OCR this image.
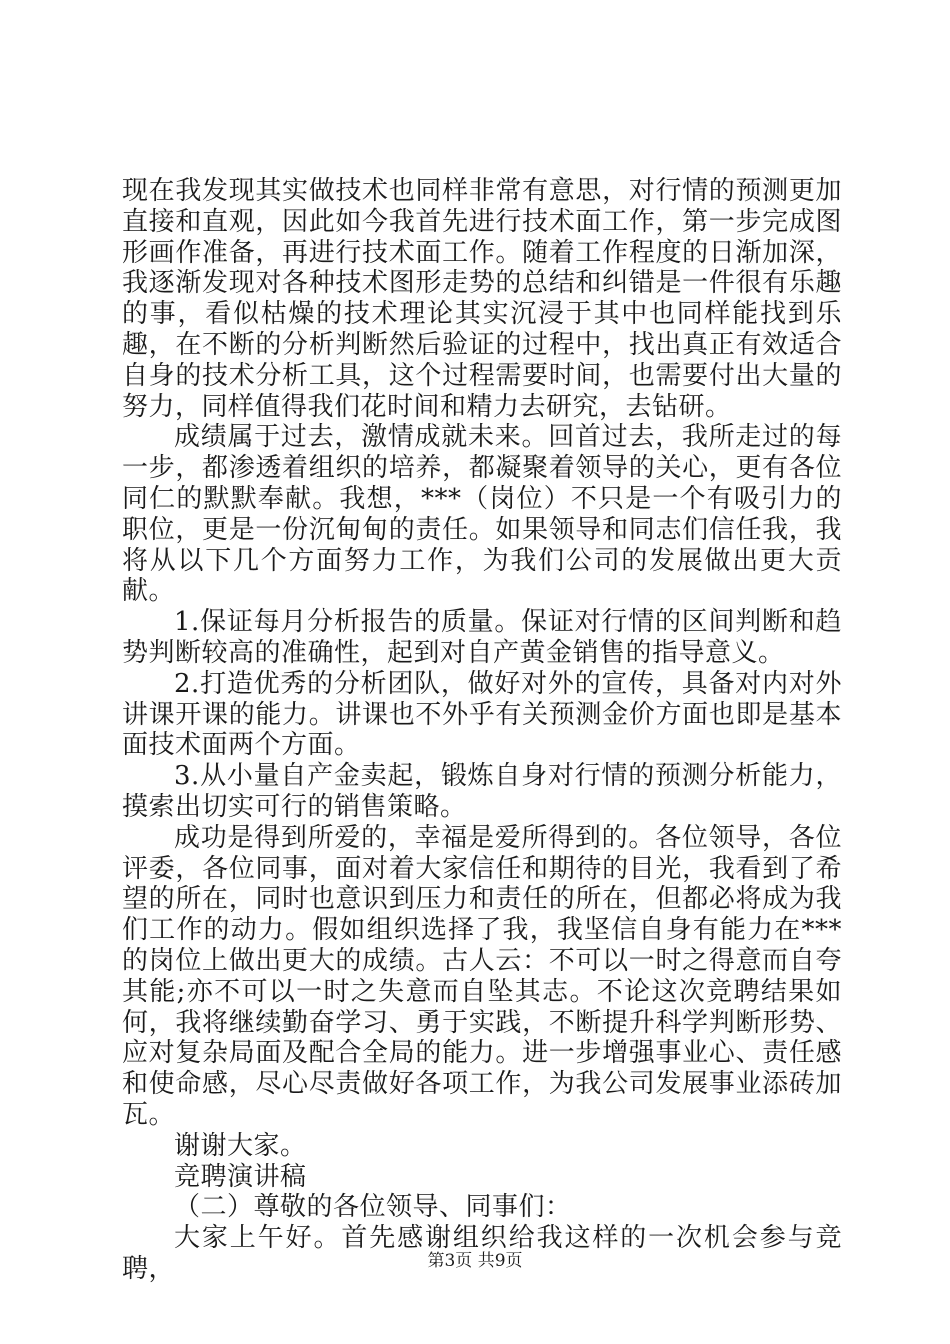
现在我发现其实做技术也同样非常有意思，对行情的预测更加直接和直观，因此如今我首先进行技术面工作，第一步完成图形画作准备，再进行技术面工作。随着工作程度的日渐加深，我逐渐发现对各种技术图形走势的总结和纠错是一件很有乐趣的事，看似枯燥的技术理论其实沉浸于其中也同样能找到乐趣，在不断的分析判断然后验证的过程中，找出真正有效适合自身的技术分析工具，这个过程需要时间，也需要付出大量的努力，同样值得我们花时间和精力去研究，去钻研。

成绩属于过去，激情成就未来。回首过去，我所走过的每一步，都渗透着组织的培养，都凝聚着领导的关心，更有各位同仁的默默奉献。我想，***（岗位）不只是一个有吸引力的职位，更是一份沉甸甸的责任。如果领导和同志们信任我，我将从以下几个方面努力工作，为我们公司的发展做出更大贡献。

1.保证每月分析报告的质量。保证对行情的区间判断和趋势判断较高的准确性，起到对自产黄金销售的指导意义。

2.打造优秀的分析团队，做好对外的宣传，具备对内对外讲课开课的能力。讲课也不外乎有关预测金价方面也即是基本面技术面两个方面。

3.从小量自产金卖起，锻炼自身对行情的预测分析能力，摸索出切实可行的销售策略。

成功是得到所爱的，幸福是爱所得到的。各位领导，各位评委，各位同事，面对着大家信任和期待的目光，我看到了希望的所在，同时也意识到压力和责任的所在，但都必将成为我们工作的动力。假如组织选择了我，我坚信自身有能力在***的岗位上做出更大的成绩。古人云：不可以一时之得意而自夸其能;亦不可以一时之失意而自坠其志。不论这次竞聘结果如何，我将继续勤奋学习、勇于实践，不断提升科学判断形势、应对复杂局面及配合全局的能力。进一步增强事业心、责任感和使命感，尽心尽责做好各项工作，为我公司发展事业添砖加瓦。

谢谢大家。

竞聘演讲稿

（二）尊敬的各位领导、同事们：

大家上午好。首先感谢组织给我这样的一次机会参与竞聘，	第3页 共9页
